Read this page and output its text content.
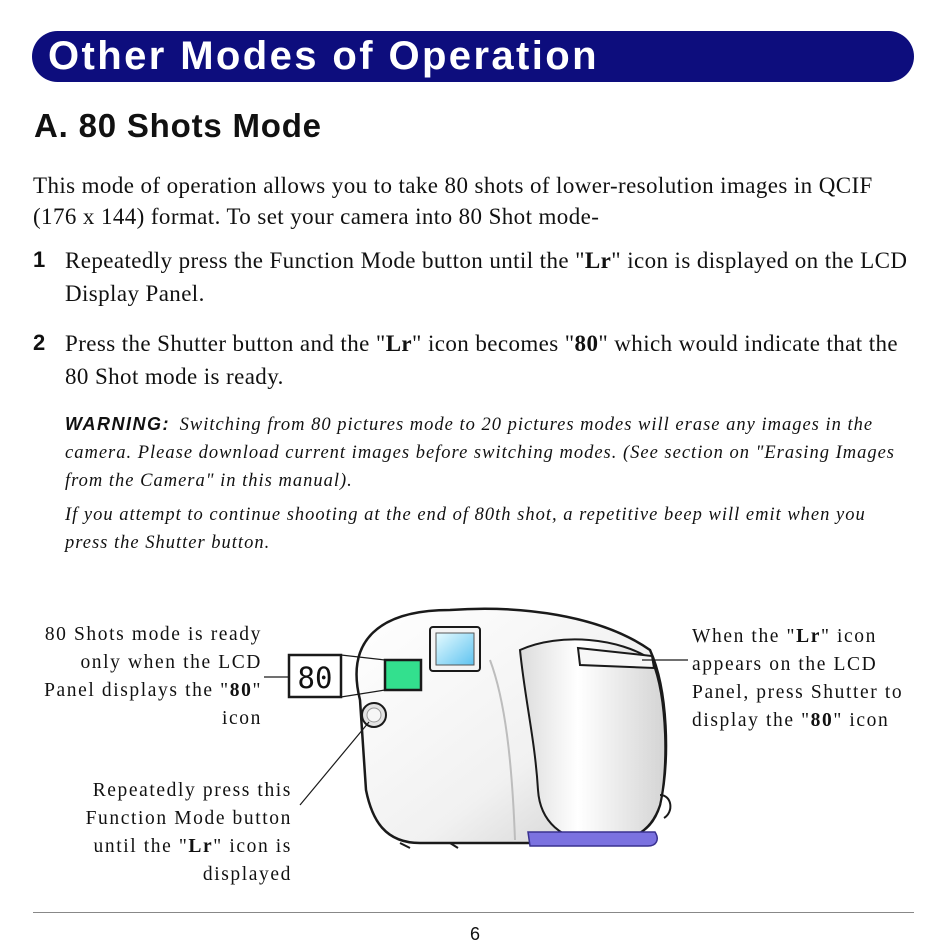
Other Modes of Operation
A. 80 Shots Mode
This mode of operation allows you to take 80 shots of lower-resolution images in QCIF (176 x 144) format. To set your camera into 80 Shot mode-
1 Repeatedly press the Function Mode button until the "Lr" icon is displayed on the LCD Display Panel.
2 Press the Shutter button and the "Lr" icon becomes "80" which would indicate that the 80 Shot mode is ready.
WARNING: Switching from 80 pictures mode to 20 pictures modes will erase any images in the camera. Please download current images before switching modes. (See section on "Erasing Images from the Camera" in this manual).
If you attempt to continue shooting at the end of 80th shot, a repetitive beep will emit when you press the Shutter button.
80
80 Shots mode is ready only when the LCD Panel displays the "80" icon
Repeatedly press this Function Mode button until the "Lr" icon is displayed
When the "Lr" icon appears on the LCD Panel, press Shutter to display the "80" icon
6
